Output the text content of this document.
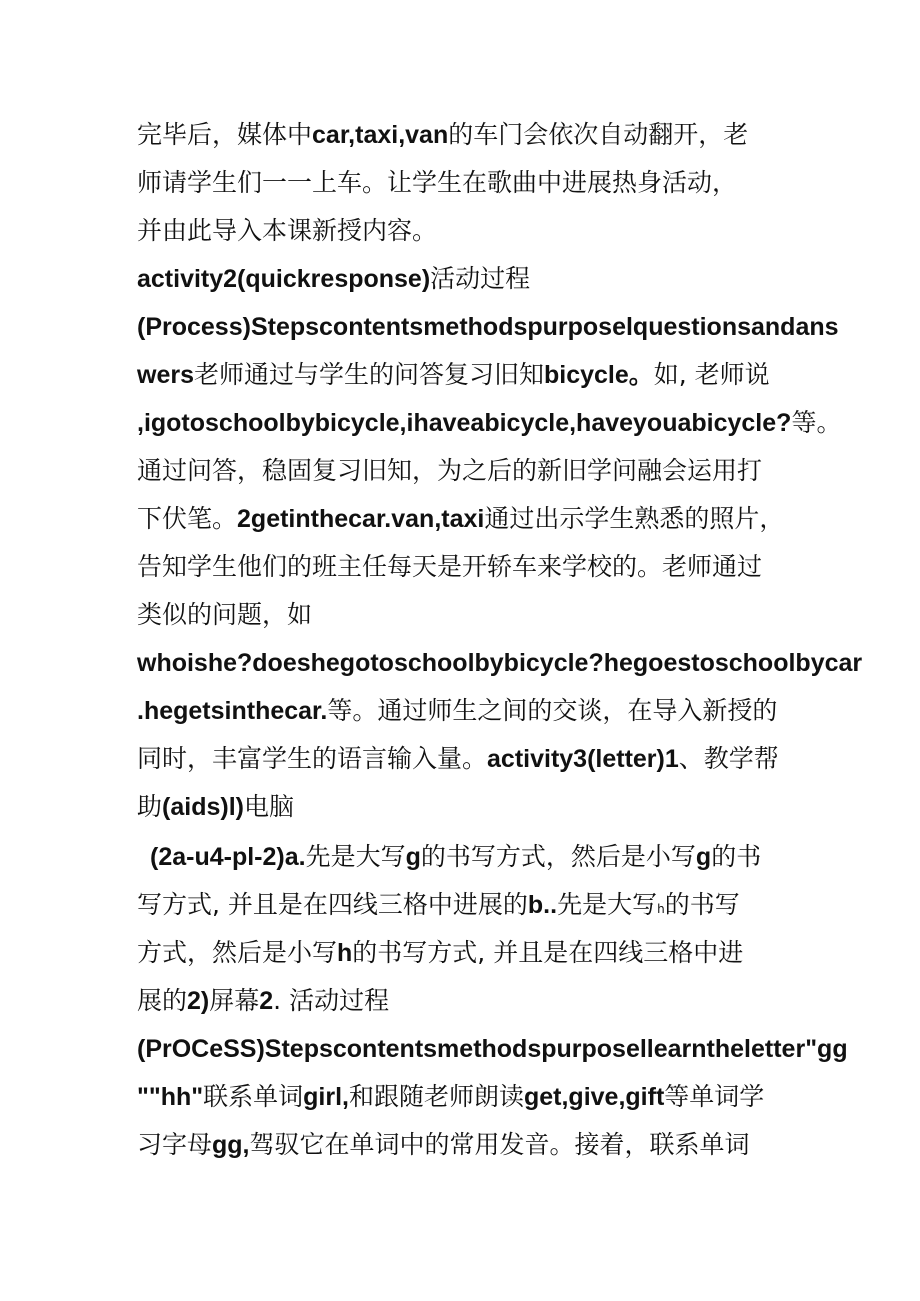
完毕后，媒体中car,taxi,van的车门会依次自动翻开，老
师请学生们一一上车。让学生在歌曲中进展热身活动，
并由此导入本课新授内容。
activity2(quickresponse)活动过程
(Process)Stepscontentsmethodspurposelquestionsandans
wers老师通过与学生的问答复习旧知bicycle。如, 老师说
,igotoschoolbybicycle,ihaveabicycle,haveyouabicycle?等。
通过问答，稳固复习旧知，为之后的新旧学问融会运用打
下伏笔。2getinthecar.van,taxi通过出示学生熟悉的照片，
告知学生他们的班主任每天是开轿车来学校的。老师通过
类似的问题，如
whoishe?doeshegotoschoolbybicycle?hegoestoschoolbycar
.hegetsinthecar.等。通过师生之间的交谈，在导入新授的
同时，丰富学生的语言输入量。activity3(letter)1、教学帮
助(aids)l)电脑
(2a-u4-pl-2)a.先是大写g的书写方式，然后是小写g的书
写方式, 并且是在四线三格中进展的b..先是大写h的书写
方式，然后是小写h的书写方式, 并且是在四线三格中进
展的2)屏幕2. 活动过程
(PrOCeSS)Stepscontentsmethodspurposellearntheletter"gg
""hh"联系单词girl,和跟随老师朗读get,give,gift等单词学
习字母gg,驾驭它在单词中的常用发音。接着，联系单词
